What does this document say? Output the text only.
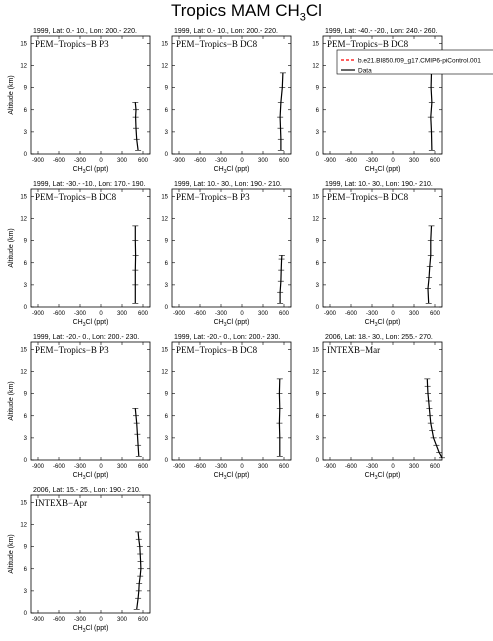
Tropics MAM $CH_3Cl$
1999, Lat: 0.- 10., Lon: 200.- 220.
PEM−Tropics−B P3
-900 -600 -300 0 300 600
0
3
6
9
12
15
$CH_3Cl$ (ppt)
Altitude (km)
1999, Lat: 0.- 10., Lon: 200.- 220.
PEM−Tropics−B DC8
-900 -600 -300 0 300 600
0
3
6
9
12
15
$CH_3Cl$ (ppt)
1999, Lat: -40.- -20., Lon: 240.- 260.
PEM−Tropics−B DC8
-900 -600 -300 0 300 600
0
3
6
9
12
15
$CH_3Cl$ (ppt)
b.e21.BI850.f09_g17.CMIP6-piControl.001
Data
1999, Lat: -30.- -10., Lon: 170.- 190.
PEM−Tropics−B DC8
-900 -600 -300 0 300 600
0
3
6
9
12
15
$CH_3Cl$ (ppt)
Altitude (km)
1999, Lat: 10.- 30., Lon: 190.- 210.
PEM−Tropics−B P3
-900 -600 -300 0 300 600
0
3
6
9
12
15
$CH_3Cl$ (ppt)
1999, Lat: 10.- 30., Lon: 190.- 210.
PEM−Tropics−B DC8
-900 -600 -300 0 300 600
0
3
6
9
12
15
$CH_3Cl$ (ppt)
1999, Lat: -20.- 0., Lon: 200.- 230.
PEM−Tropics−B P3
-900 -600 -300 0 300 600
0
3
6
9
12
15
$CH_3Cl$ (ppt)
Altitude (km)
1999, Lat: -20.- 0., Lon: 200.- 230.
PEM−Tropics−B DC8
-900 -600 -300 0 300 600
0
3
6
9
12
15
$CH_3Cl$ (ppt)
2006, Lat: 18.- 30., Lon: 255.- 270.
INTEXB−Mar
-900 -600 -300 0 300 600
0
3
6
9
12
15
$CH_3Cl$ (ppt)
2006, Lat: 15.- 25., Lon: 190.- 210.
INTEXB−Apr
-900 -600 -300 0 300 600
0
3
6
9
12
15
$CH_3Cl$ (ppt)
Altitude (km)
